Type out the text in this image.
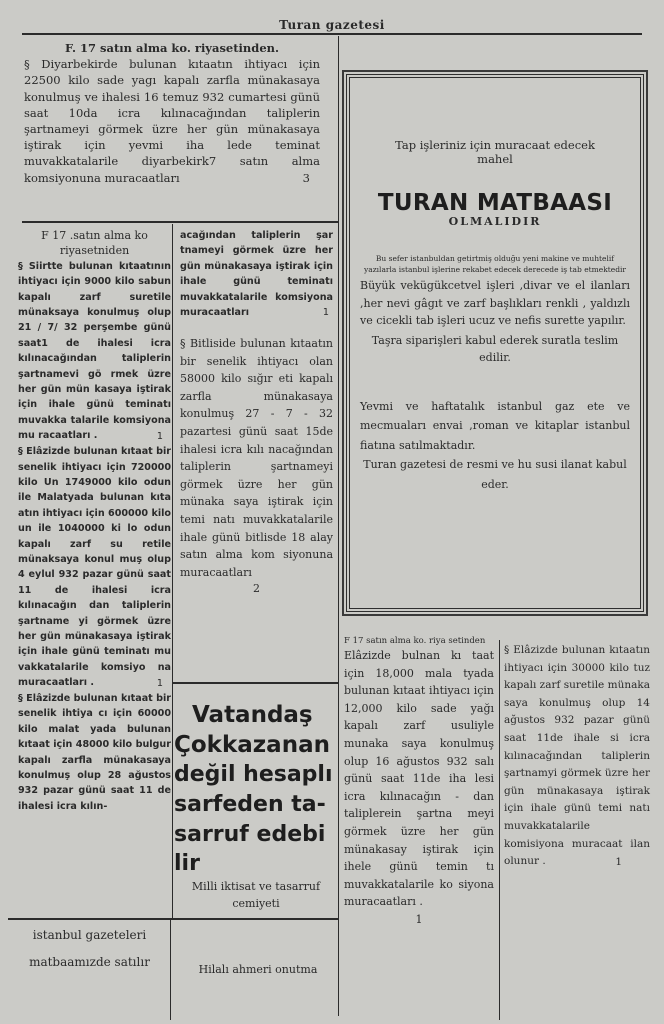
Turan gazetesi

F. 17 satın alma ko. riyasetinden.

§ Diyarbekirde bulunan kıtaatın ihtiyacı için 22500 kilo sade yagı kapalı zarfla münakasaya konulmuş ve ihalesi 16 temuz 932 cumartesi günü saat 10da icra kılınacağından taliplerin şartnameyi görmek üzre her gün münakasaya iştirak için yevmi iha lede teminat muvakkatalarile diyarbekirk7 satın alma komsiyonuna muracaatları	3

F 17 .satın alma ko riyasetniden

§ Siirtte bulunan kıtaatının ihtiyacı için 9000 kilo sabun kapalı zarf suretile münaksaya konulmuş olup 21 / 7/ 32 perşembe günü saat1 de ihalesi icra kılınacağından taliplerin şartnamevi gö rmek üzre her gün mün kasaya iştirak için ihale günü teminatı muvakka talarile komsiyona mu racaatları .	1

§ Elâzizde bulunan kıtaat bir senelik ihtiyacı için 720000 kilo Un 1749000 kilo odun ile Malatyada bulunan kıta atın ihtiyacı için 600000 kilo un ile 1040000 ki lo odun kapalı zarf su retile münaksaya konul muş olup 4 eylul 932 pazar günü saat 11 de ihalesi icra kılınacağın dan taliplerin şartname yi görmek üzre her gün münakasaya iştirak için ihale günü teminatı mu vakkatalarile komsiyo na muracaatları .	1

§ Elâzizde bulunan kıtaat bir senelik ihtiya cı için 60000 kilo malat yada bulunan kıtaat için 48000 kilo bulgur kapalı zarfla münakasaya konulmuş olup 28 ağustos 932 pazar günü saat 11 de ihalesi icra kılın-

acağından taliplerin şar tnameyi görmek üzre her gün münakasaya iştirak için ihale günü teminatı muvakkatalarile komsiyona muracaatları	1

§ Bitliside bulunan kıtaatın bir senelik ihtiyacı olan 58000 kilo sığır eti kapalı zarfla münakasaya konulmuş 27 - 7 - 32 pazartesi günü saat 15de ihalesi icra kılı nacağından taliplerin şartnameyi görmek üzre her gün münaka saya iştirak için temi natı muvakkatalarile ihale günü bitlisde 18 alay satın alma kom siyonuna muracaatları

2

Vatandaş

Çokkazanan

değil hesaplı

sarfeden ta-

sarruf edebi

lir

Milli iktisat ve tasarruf cemiyeti

istanbul gazeteleri matbaamızde satılır

Hilalı ahmeri onutma

Tap işleriniz için muracaat edecek mahel

TURAN MATBAASI

OLMALIDIR

Bu sefer istanbuldan getirtmiş olduğu yeni makine ve muhtelif yazılarla istanbul işlerine rekabet edecek derecede iş tab etmektedir

Büyük vekügükcetvel işleri ,divar ve el ilanları ,her nevi gâgıt ve zarf başlıkları renkli , yaldızlı ve cicekli tab işleri ucuz ve nefis surette yapılır.

Taşra siparişleri kabul ederek suratla teslim edilir.

Yevmi ve haftatalık istanbul gaz ete ve mecmuaları envai ,roman ve kitaplar istanbul fiatına satılmaktadır.

Turan gazetesi de resmi ve hu susi ilanat kabul eder.

F 17 satın alma ko. riya setinden

Elâzizde bulnan kı taat için 18,000 mala tyada bulunan kıtaat ihtiyacı için 12,000 kilo sade yağı kapalı zarf usuliyle munaka saya konulmuş olup 16 ağustos 932 salı günü saat 11de iha lesi icra kılınacağın - dan taliplerein şartna meyi görmek üzre her gün münakasay iştirak için ihele günü temin tı muvakkatalarile ko siyona muracaatları .

1

§ Elâzizde bulunan kıtaatın ihtiyacı için 30000 kilo tuz kapalı zarf suretile münaka saya konulmuş olup 14 ağustos 932 pazar günü saat 11de ihale si icra kılınacağından taliplerin şartnamyi görmek üzre her gün münakasaya iştirak için ihale günü temi natı muvakkatalarile komisiyona muracaat ilan olunur .	1
